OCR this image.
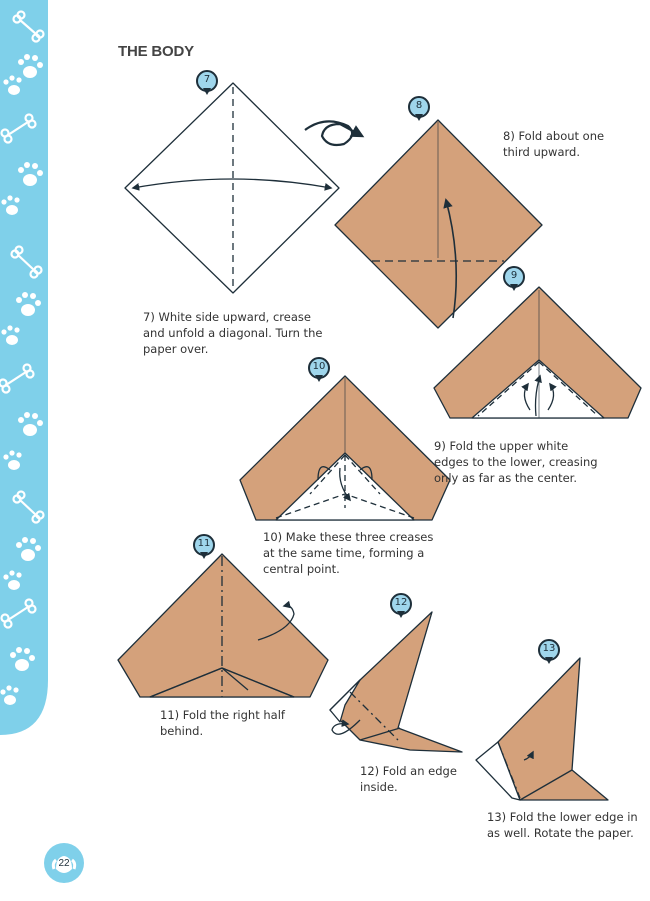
THE BODY
7
8
9
10
11
12
13
7) White side upward, crease
and unfold a diagonal. Turn the
paper over.
8) Fold about one
third upward.
9) Fold the upper white
edges to the lower, creasing
only as far as the center.
10) Make these three creases
at the same time, forming a
central point.
11) Fold the right half
behind.
12) Fold an edge
inside.
13) Fold the lower edge in
as well. Rotate the paper.
22
